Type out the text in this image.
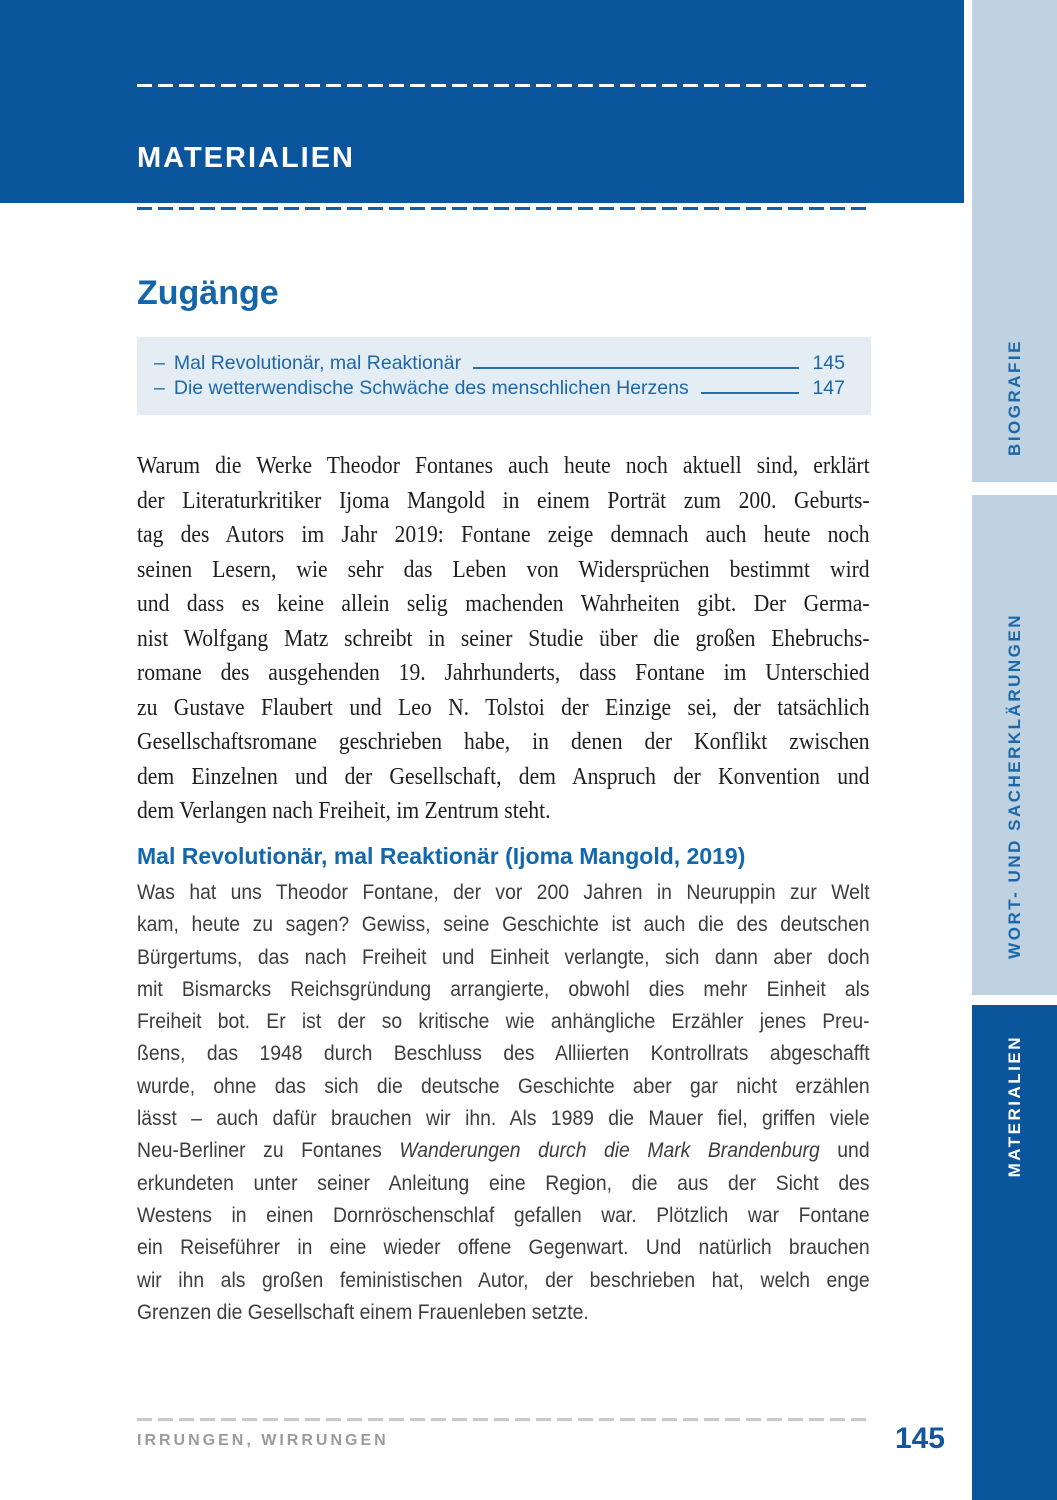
MATERIALIEN
Zugänge
– Mal Revolutionär, mal Reaktionär	145
– Die wetterwendische Schwäche des menschlichen Herzens	147
Warum die Werke Theodor Fontanes auch heute noch aktuell sind, erklärt
der Literaturkritiker Ijoma Mangold in einem Porträt zum 200. Geburts-
tag des Autors im Jahr 2019: Fontane zeige demnach auch heute noch
seinen Lesern, wie sehr das Leben von Widersprüchen bestimmt wird
und dass es keine allein selig machenden Wahrheiten gibt. Der Germa-
nist Wolfgang Matz schreibt in seiner Studie über die großen Ehebruchs-
romane des ausgehenden 19. Jahrhunderts, dass Fontane im Unterschied
zu Gustave Flaubert und Leo N. Tolstoi der Einzige sei, der tatsächlich
Gesellschaftsromane geschrieben habe, in denen der Konflikt zwischen
dem Einzelnen und der Gesellschaft, dem Anspruch der Konvention und
dem Verlangen nach Freiheit, im Zentrum steht.
Mal Revolutionär, mal Reaktionär (Ijoma Mangold, 2019)
Was hat uns Theodor Fontane, der vor 200 Jahren in Neuruppin zur Welt
kam, heute zu sagen? Gewiss, seine Geschichte ist auch die des deutschen
Bürgertums, das nach Freiheit und Einheit verlangte, sich dann aber doch
mit Bismarcks Reichsgründung arrangierte, obwohl dies mehr Einheit als
Freiheit bot. Er ist der so kritische wie anhängliche Erzähler jenes Preu-
ßens, das 1948 durch Beschluss des Alliierten Kontrollrats abgeschafft
wurde, ohne das sich die deutsche Geschichte aber gar nicht erzählen
lässt – auch dafür brauchen wir ihn. Als 1989 die Mauer fiel, griffen viele
Neu-Berliner zu Fontanes Wanderungen durch die Mark Brandenburg und
erkundeten unter seiner Anleitung eine Region, die aus der Sicht des
Westens in einen Dornröschenschlaf gefallen war. Plötzlich war Fontane
ein Reiseführer in eine wieder offene Gegenwart. Und natürlich brauchen
wir ihn als großen feministischen Autor, der beschrieben hat, welch enge
Grenzen die Gesellschaft einem Frauenleben setzte.
BIOGRAFIE
WORT- UND SACHERKLÄRUNGEN
MATERIALIEN
IRRUNGEN, WIRRUNGEN	145
